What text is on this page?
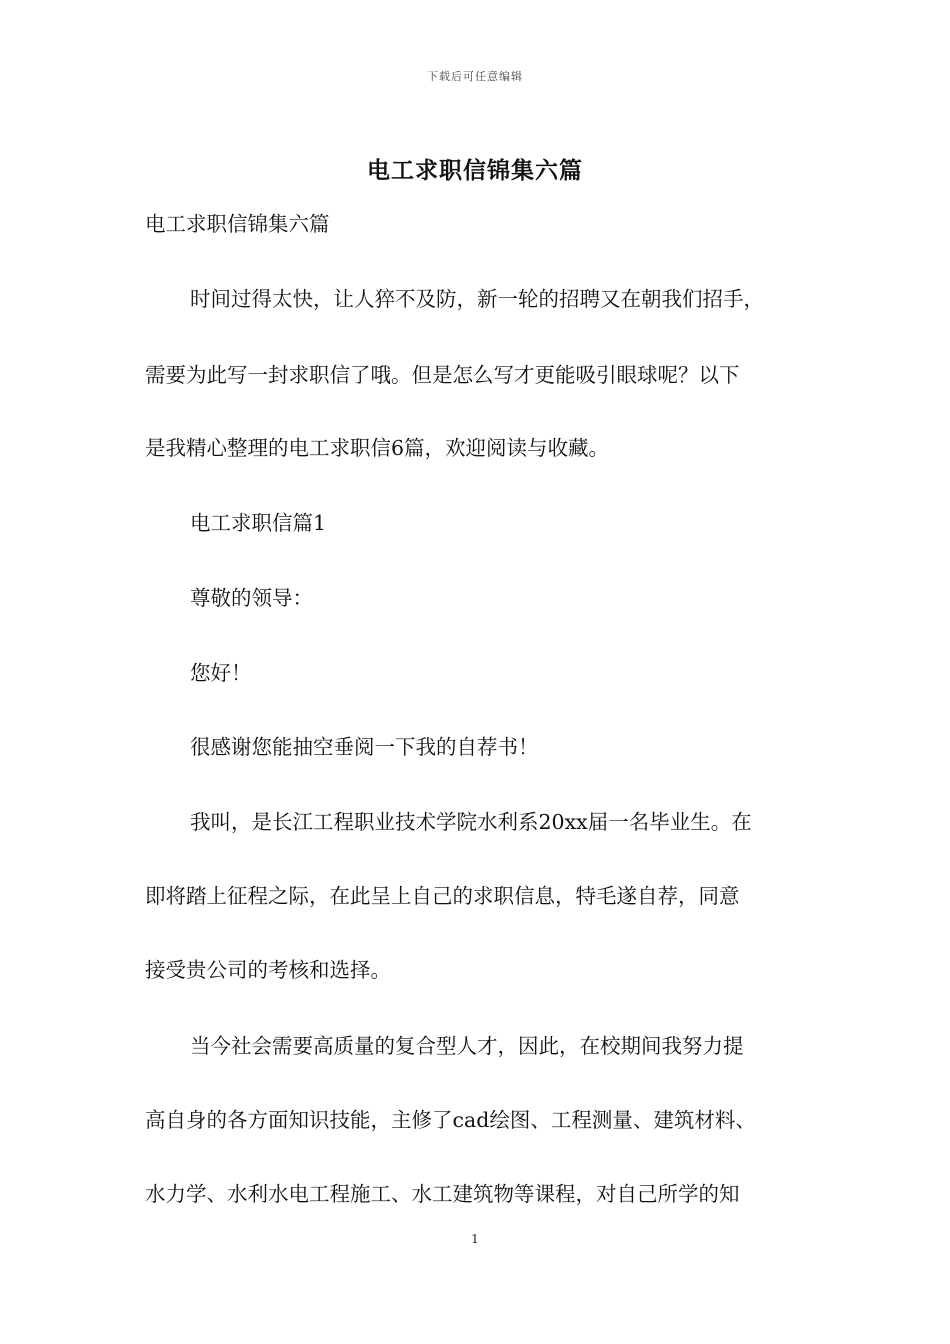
下载后可任意编辑
电工求职信锦集六篇
电工求职信锦集六篇
时间过得太快，让人猝不及防，新一轮的招聘又在朝我们招手，
需要为此写一封求职信了哦。但是怎么写才更能吸引眼球呢？以下
是我精心整理的电工求职信6篇，欢迎阅读与收藏。
电工求职信篇1
尊敬的领导：
您好！
很感谢您能抽空垂阅一下我的自荐书！
我叫，是长江工程职业技术学院水利系20xx届一名毕业生。在
即将踏上征程之际，在此呈上自己的求职信息，特毛遂自荐，同意
接受贵公司的考核和选择。
当今社会需要高质量的复合型人才，因此，在校期间我努力提
高自身的各方面知识技能，主修了cad绘图、工程测量、建筑材料、
水力学、水利水电工程施工、水工建筑物等课程，对自己所学的知
1
